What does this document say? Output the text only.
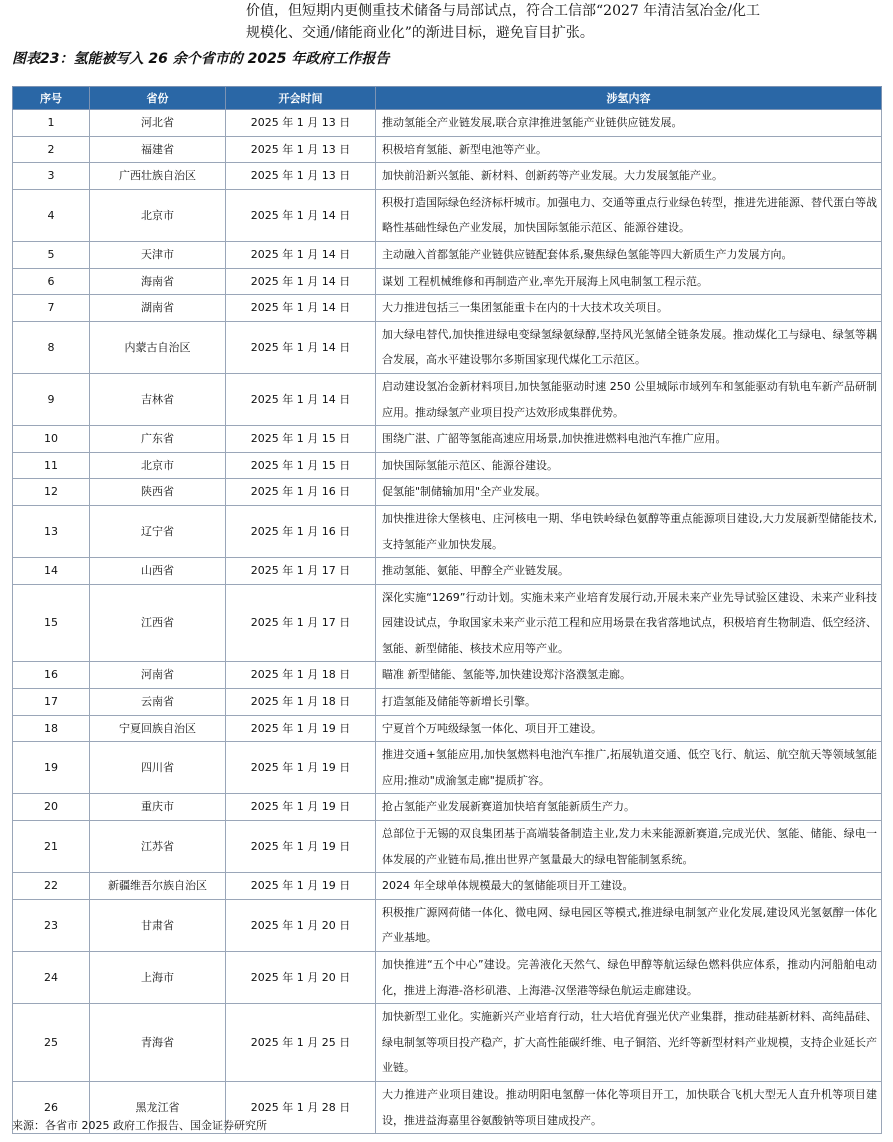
价值，但短期内更侧重技术储备与局部试点，符合工信部“2027 年清洁氢冶金/化工

规模化、交通/储能商业化”的渐进目标，避免盲目扩张。

图表23：氢能被写入 26 余个省市的 2025 年政府工作报告
序号	省份	开会时间	涉氢内容
1	河北省	2025 年 1 月 13 日	推动氢能全产业链发展,联合京津推进氢能产业链供应链发展。
2	福建省	2025 年 1 月 13 日	积极培育氢能、新型电池等产业。
3	广西壮族自治区	2025 年 1 月 13 日	加快前沿新兴氢能、新材料、创新药等产业发展。大力发展氢能产业。
4	北京市	2025 年 1 月 14 日	积极打造国际绿色经济标杆城市。加强电力、交通等重点行业绿色转型，推进先进能源、替代蛋白等战略性基础性绿色产业发展，加快国际氢能示范区、能源谷建设。
5	天津市	2025 年 1 月 14 日	主动融入首都氢能产业链供应链配套体系,聚焦绿色氢能等四大新质生产力发展方向。
6	海南省	2025 年 1 月 14 日	谋划 工程机械维修和再制造产业,率先开展海上风电制氢工程示范。
7	湖南省	2025 年 1 月 14 日	大力推进包括三一集团氢能重卡在内的十大技术攻关项目。
8	内蒙古自治区	2025 年 1 月 14 日	加大绿电替代,加快推进绿电变绿氢绿氨绿醇,坚持风光氢储全链条发展。推动煤化工与绿电、绿氢等耦合发展，高水平建设鄂尔多斯国家现代煤化工示范区。
9	吉林省	2025 年 1 月 14 日	启动建设氢冶金新材料项目,加快氢能驱动时速 250 公里城际市域列车和氢能驱动有轨电车新产品研制应用。推动绿氢产业项目投产达效形成集群优势。
10	广东省	2025 年 1 月 15 日	围绕广湛、广韶等氢能高速应用场景,加快推进燃料电池汽车推广应用。
11	北京市	2025 年 1 月 15 日	加快国际氢能示范区、能源谷建设。
12	陕西省	2025 年 1 月 16 日	促氢能"制储输加用"全产业发展。
13	辽宁省	2025 年 1 月 16 日	加快推进徐大堡核电、庄河核电一期、华电铁岭绿色氨醇等重点能源项目建设,大力发展新型储能技术,支持氢能产业加快发展。
14	山西省	2025 年 1 月 17 日	推动氢能、氨能、甲醇全产业链发展。
15	江西省	2025 年 1 月 17 日	深化实施“1269”行动计划。实施未来产业培育发展行动,开展未来产业先导试验区建设、未来产业科技园建设试点，争取国家未来产业示范工程和应用场景在我省落地试点，积极培育生物制造、低空经济、氢能、新型储能、核技术应用等产业。
16	河南省	2025 年 1 月 18 日	瞄准 新型储能、氢能等,加快建设郑汴洛濮氢走廊。
17	云南省	2025 年 1 月 18 日	打造氢能及储能等新增长引擎。
18	宁夏回族自治区	2025 年 1 月 19 日	宁夏首个万吨级绿氢一体化、项目开工建设。
19	四川省	2025 年 1 月 19 日	推进交通+氢能应用,加快氢燃料电池汽车推广,拓展轨道交通、低空飞行、航运、航空航天等领域氢能应用;推动"成渝氢走廊"提质扩容。
20	重庆市	2025 年 1 月 19 日	抢占氢能产业发展新赛道加快培育氢能新质生产力。
21	江苏省	2025 年 1 月 19 日	总部位于无锡的双良集团基于高端装备制造主业,发力未来能源新赛道,完成光伏、氢能、储能、绿电一体发展的产业链布局,推出世界产氢量最大的绿电智能制氢系统。
22	新疆维吾尔族自治区	2025 年 1 月 19 日	2024 年全球单体规模最大的氢储能项目开工建设。
23	甘肃省	2025 年 1 月 20 日	积极推广源网荷储一体化、微电网、绿电园区等模式,推进绿电制氢产业化发展,建设风光氢氨醇一体化产业基地。
24	上海市	2025 年 1 月 20 日	加快推进“五个中心”建设。完善液化天然气、绿色甲醇等航运绿色燃料供应体系，推动内河船舶电动化，推进上海港-洛杉矶港、上海港-汉堡港等绿色航运走廊建设。
25	青海省	2025 年 1 月 25 日	加快新型工业化。实施新兴产业培育行动，壮大培优育强光伏产业集群，推动硅基新材料、高纯晶硅、绿电制氢等项目投产稳产，扩大高性能碳纤维、电子铜箔、光纤等新型材料产业规模，支持企业延长产业链。
26	黑龙江省	2025 年 1 月 28 日	大力推进产业项目建设。推动明阳电氢醇一体化等项目开工，加快联合飞机大型无人直升机等项目建设，推进益海嘉里谷氨酸钠等项目建成投产。
来源：各省市 2025 政府工作报告、国金证券研究所
